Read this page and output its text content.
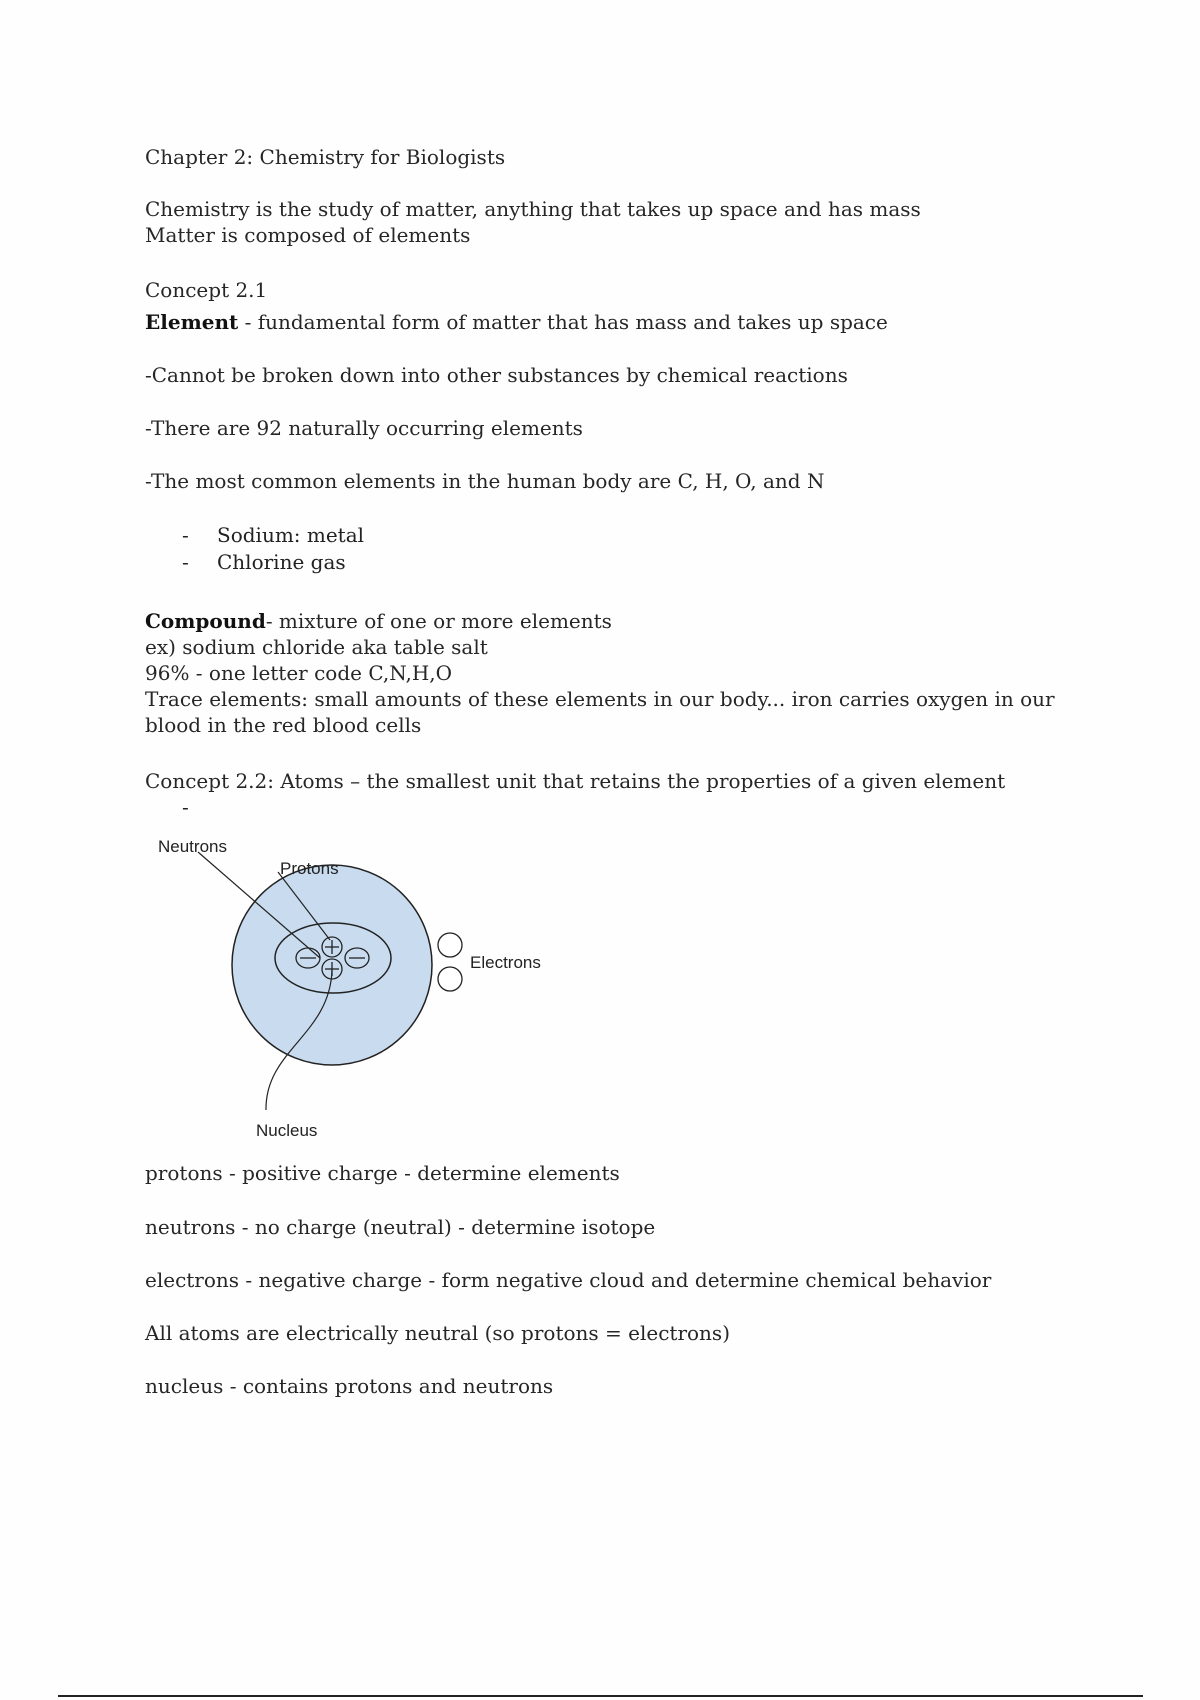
Chapter 2: Chemistry for Biologists
Chemistry is the study of matter, anything that takes up space and has mass
Matter is composed of elements
Concept 2.1
Element - fundamental form of matter that has mass and takes up space
-Cannot be broken down into other substances by chemical reactions
-There are 92 naturally occurring elements
-The most common elements in the human body are C, H, O, and N
- Sodium: metal
- Chlorine gas
Compound- mixture of one or more elements
ex) sodium chloride aka table salt
96% - one letter code C,N,H,O
Trace elements: small amounts of these elements in our body... iron carries oxygen in our blood in the red blood cells
Concept 2.2: Atoms – the smallest unit that retains the properties of a given element
-
Neutrons
Protons
Electrons
Nucleus
protons - positive charge - determine elements
neutrons - no charge (neutral) - determine isotope
electrons - negative charge - form negative cloud and determine chemical behavior
All atoms are electrically neutral (so protons = electrons)
nucleus - contains protons and neutrons
